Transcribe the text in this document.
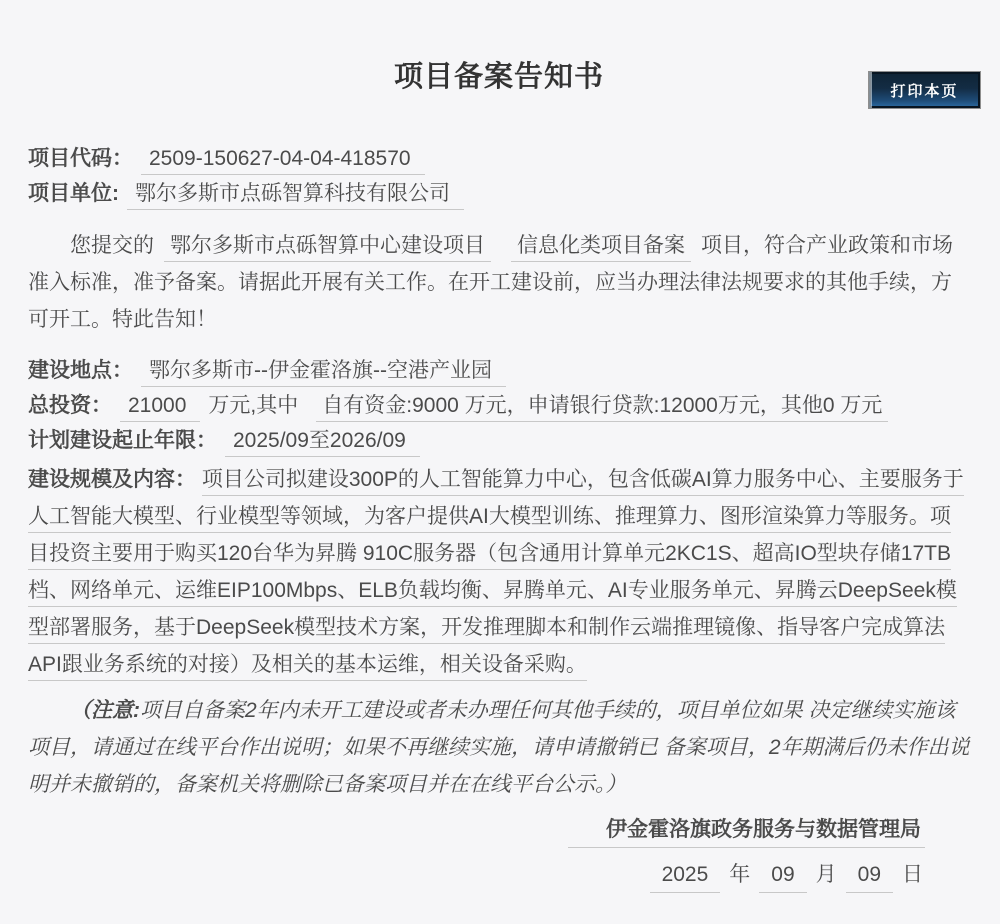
打印本页
项目备案告知书
项目代码： 2509-150627-04-04-418570
项目单位: 鄂尔多斯市点砾智算科技有限公司

您提交的 鄂尔多斯市点砾智算中心建设项目 信息化类项目备案 项目，符合产业政策和市场准入标准，准予备案。请据此开展有关工作。在开工建设前，应当办理法律法规要求的其他手续，方可开工。特此告知！

建设地点： 鄂尔多斯市--伊金霍洛旗--空港产业园
总投资： 21000 万元,其中 自有资金:9000 万元，申请银行贷款:12000万元，其他0 万元
计划建设起止年限： 2025/09至2026/09

建设规模及内容： 项目公司拟建设300P的人工智能算力中心，包含低碳AI算力服务中心、主要服务于人工智能大模型、行业模型等领域，为客户提供AI大模型训练、推理算力、图形渲染算力等服务。项目投资主要用于购买120台华为昇腾 910C服务器（包含通用计算单元2KC1S、超高IO型块存储17TB档、网络单元、运维EIP100Mbps、ELB负载均衡、昇腾单元、AI专业服务单元、昇腾云DeepSeek模型部署服务，基于DeepSeek模型技术方案，开发推理脚本和制作云端推理镜像、指导客户完成算法API跟业务系统的对接）及相关的基本运维，相关设备采购。

（注意:项目自备案2年内未开工建设或者未办理任何其他手续的，项目单位如果 决定继续实施该项目，请通过在线平台作出说明；如果不再继续实施，请申请撤销已 备案项目，2年期满后仍未作出说明并未撤销的，备案机关将删除已备案项目并在在线平台公示。）

伊金霍洛旗政务服务与数据管理局
2025 年 09 月 09 日
